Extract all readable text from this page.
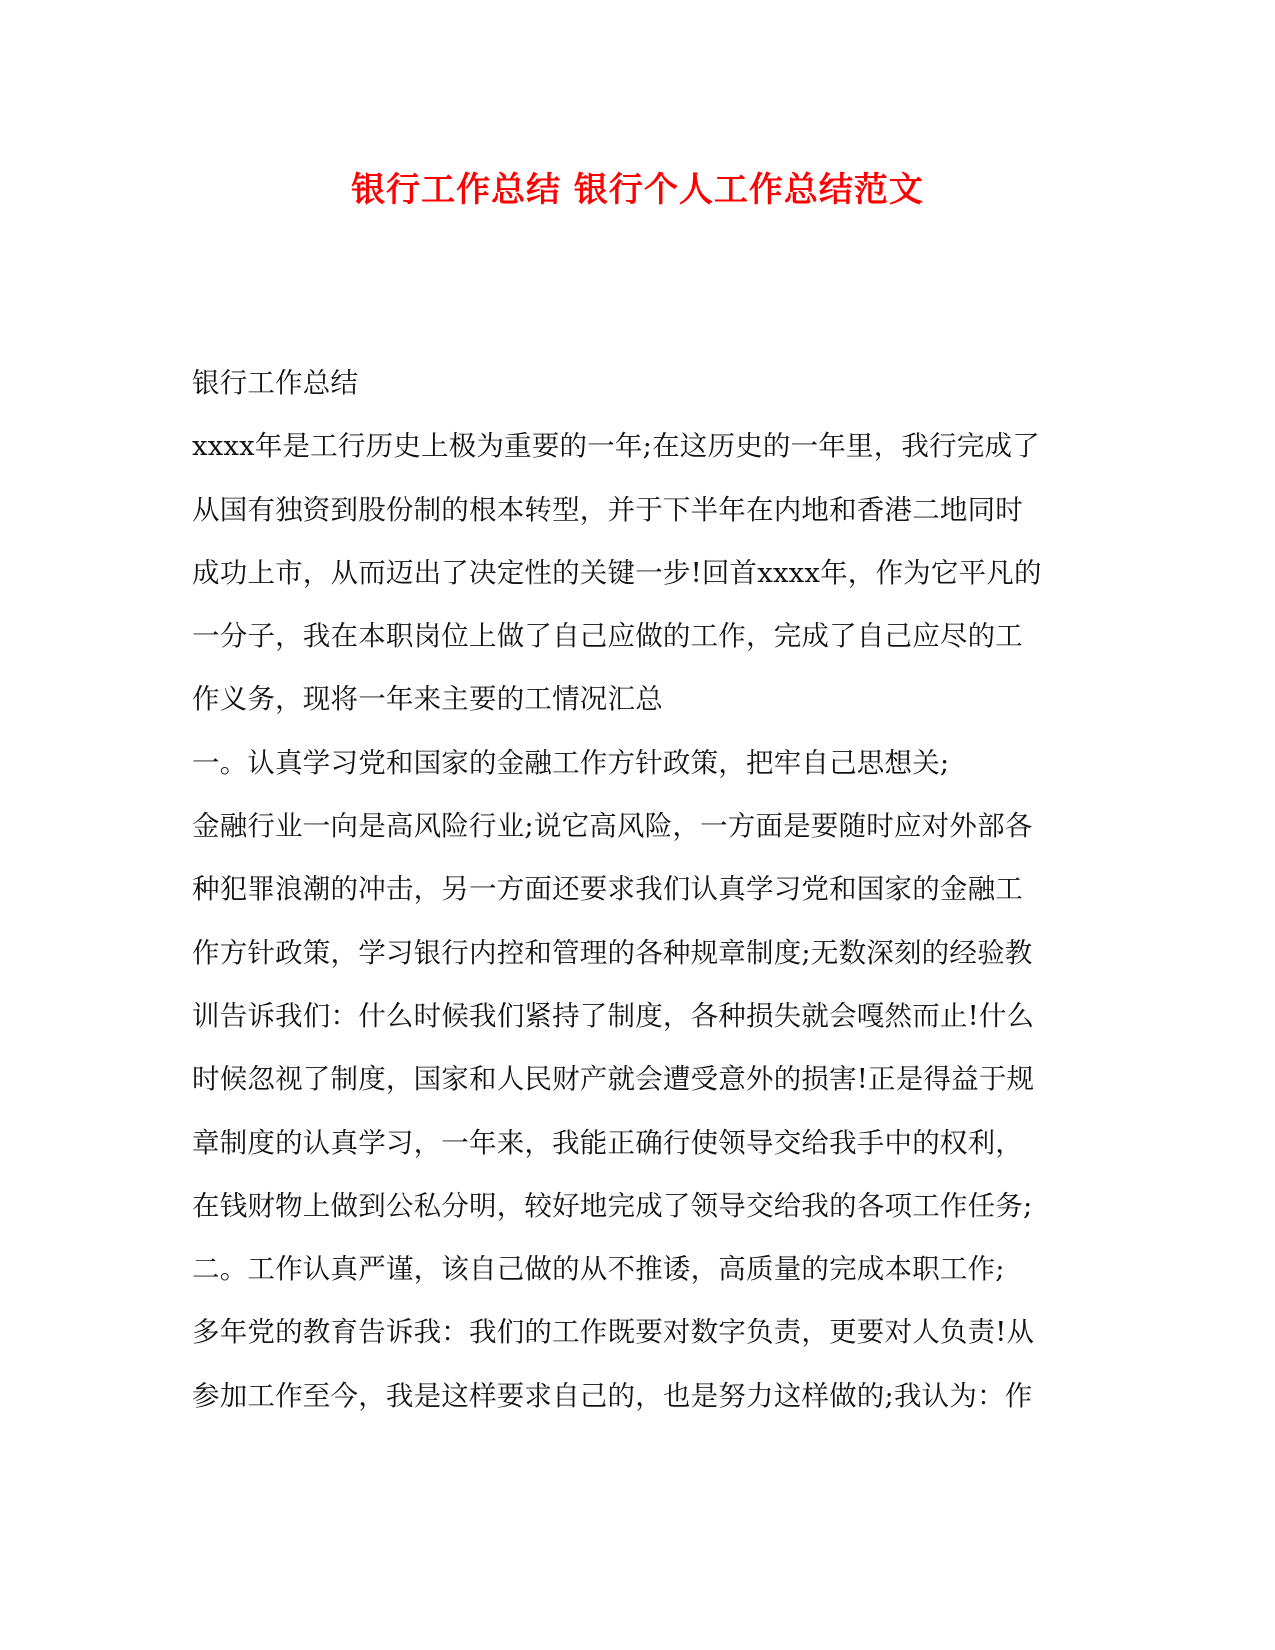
银行工作总结 银行个人工作总结范文
银行工作总结
xxxx年是工行历史上极为重要的一年;在这历史的一年里，我行完成了
从国有独资到股份制的根本转型，并于下半年在内地和香港二地同时
成功上市，从而迈出了决定性的关键一步!回首xxxx年，作为它平凡的
一分子，我在本职岗位上做了自己应做的工作，完成了自己应尽的工
作义务，现将一年来主要的工情况汇总
一。认真学习党和国家的金融工作方针政策，把牢自己思想关;
金融行业一向是高风险行业;说它高风险，一方面是要随时应对外部各
种犯罪浪潮的冲击，另一方面还要求我们认真学习党和国家的金融工
作方针政策，学习银行内控和管理的各种规章制度;无数深刻的经验教
训告诉我们：什么时候我们紧持了制度，各种损失就会嘎然而止!什么
时候忽视了制度，国家和人民财产就会遭受意外的损害!正是得益于规
章制度的认真学习，一年来，我能正确行使领导交给我手中的权利，
在钱财物上做到公私分明，较好地完成了领导交给我的各项工作任务;
二。工作认真严谨，该自己做的从不推诿，高质量的完成本职工作;
多年党的教育告诉我：我们的工作既要对数字负责，更要对人负责!从
参加工作至今，我是这样要求自己的，也是努力这样做的;我认为：作
